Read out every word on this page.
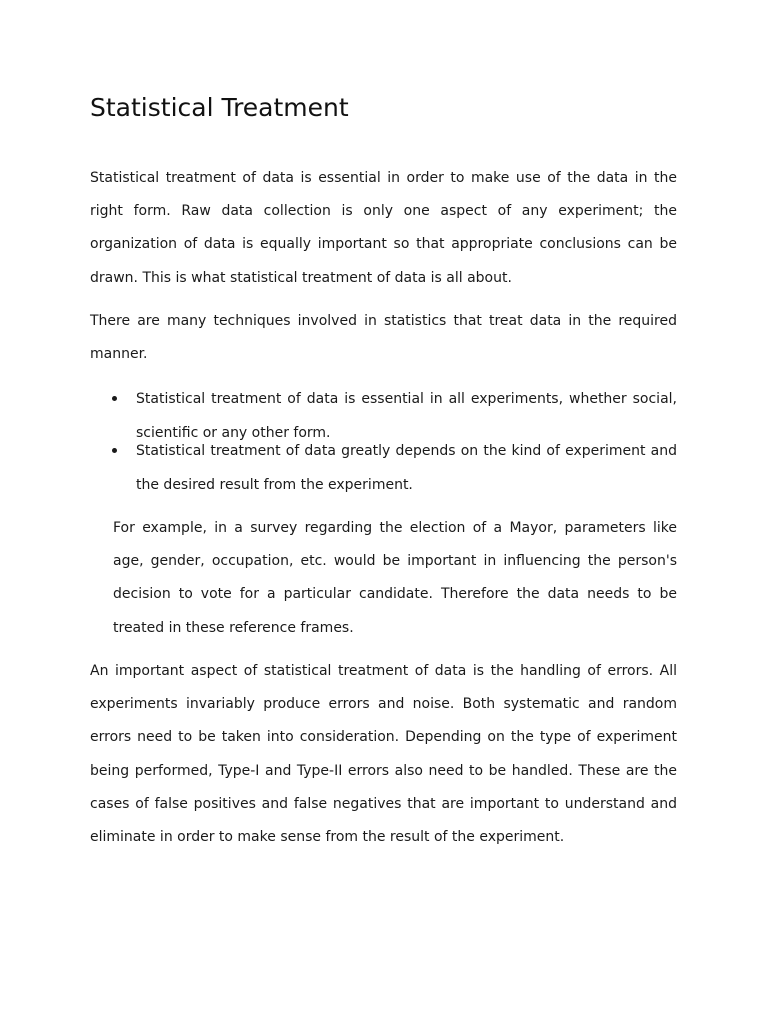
Statistical Treatment

Statistical treatment of data is essential in order to make use of the data in the right form. Raw data collection is only one aspect of any experiment; the organization of data is equally important so that appropriate conclusions can be drawn. This is what statistical treatment of data is all about.

There are many techniques involved in statistics that treat data in the required manner.

Statistical treatment of data is essential in all experiments, whether social, scientific or any other form.
Statistical treatment of data greatly depends on the kind of experiment and the desired result from the experiment.

For example, in a survey regarding the election of a Mayor, parameters like age, gender, occupation, etc. would be important in influencing the person's decision to vote for a particular candidate. Therefore the data needs to be treated in these reference frames.

An important aspect of statistical treatment of data is the handling of errors. All experiments invariably produce errors and noise. Both systematic and random errors need to be taken into consideration. Depending on the type of experiment being performed, Type-I and Type-II errors also need to be handled. These are the cases of false positives and false negatives that are important to understand and eliminate in order to make sense from the result of the experiment.
